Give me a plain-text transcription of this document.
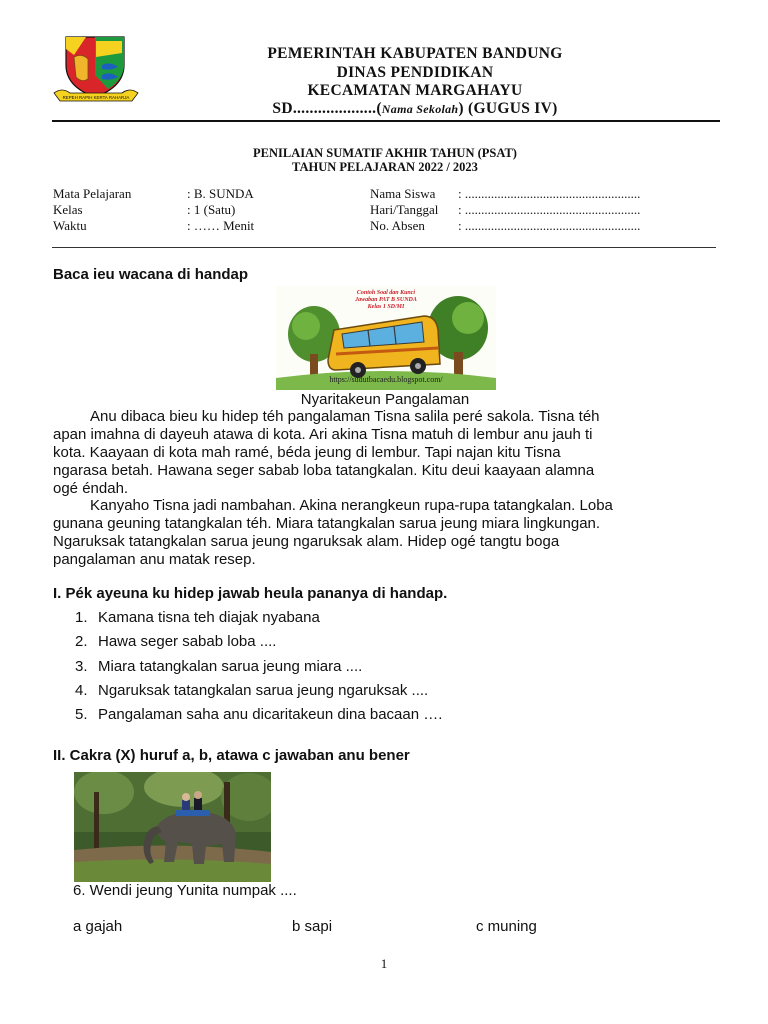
REPEH RAPIH KERTA RAHARJA
PEMERINTAH KABUPATEN BANDUNG
DINAS PENDIDIKAN
KECAMATAN MARGAHAYU
SD....................(Nama Sekolah) (GUGUS IV)
PENILAIAN SUMATIF AKHIR TAHUN (PSAT)
TAHUN PELAJARAN 2022 / 2023
Mata Pelajaran	: B. SUNDA
Kelas	: 1 (Satu)
Waktu	: …… Menit
Nama Siswa	: ......................................................
Hari/Tanggal	: ......................................................
No. Absen	: ......................................................
Baca ieu wacana di handap
Contoh Soal dan Kunci
Jawaban PAT B SUNDA
Kelas 1 SD/MI
https://sudutbacaedu.blogspot.com/
Nyaritakeun Pangalaman
Anu dibaca bieu ku hidep téh pangalaman Tisna salila peré sakola. Tisna téh
apan imahna di dayeuh atawa di kota. Ari akina Tisna matuh di lembur anu jauh ti
kota. Kaayaan di kota mah ramé, béda jeung di lembur. Tapi najan kitu Tisna
ngarasa betah. Hawana seger sabab loba tatangkalan. Kitu deui kaayaan alamna
ogé éndah.
Kanyaho Tisna jadi nambahan. Akina nerangkeun rupa-rupa tatangkalan. Loba
gunana geuning tatangkalan téh. Miara tatangkalan sarua jeung miara lingkungan.
Ngaruksak tatangkalan sarua jeung ngaruksak alam. Hidep ogé tangtu boga
pangalaman anu matak resep.
I. Pék ayeuna ku hidep jawab heula pananya di handap.
1. Kamana tisna teh diajak nyabana
2. Hawa seger sabab loba ....
3. Miara tatangkalan sarua jeung miara ....
4. Ngaruksak tatangkalan sarua jeung ngaruksak ....
5. Pangalaman saha anu dicaritakeun dina bacaan ….
II. Cakra (X) huruf a, b, atawa c jawaban anu bener
6. Wendi jeung Yunita numpak ....
a gajah	b sapi	c muning
1
